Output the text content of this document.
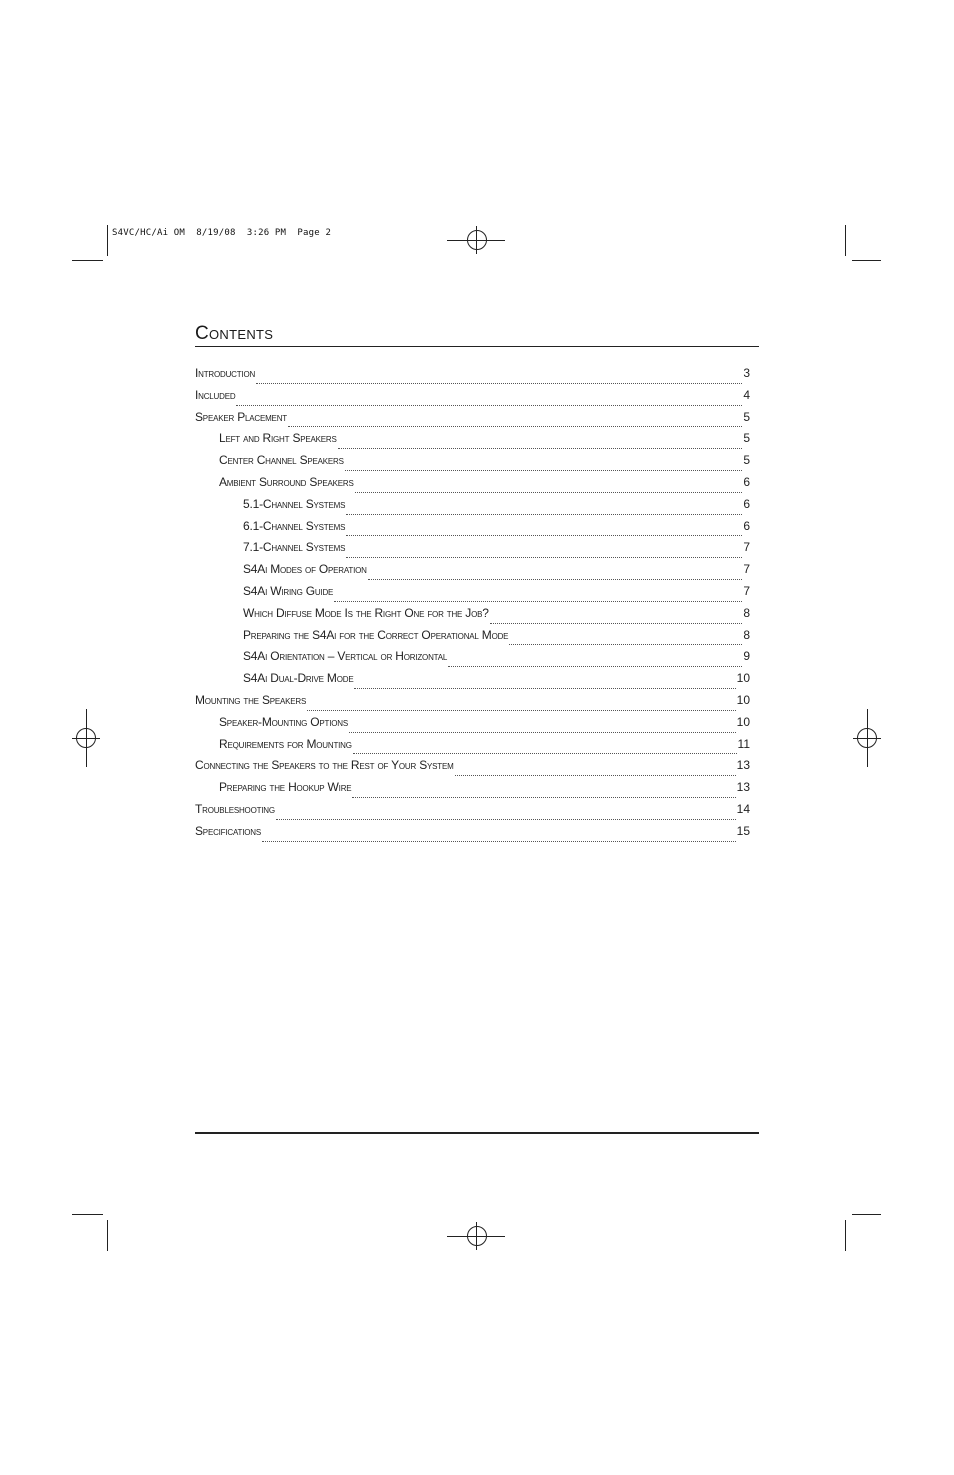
S4VC/HC/Ai OM  8/19/08  3:26 PM  Page 2
Contents
Introduction	3
Included	4
Speaker Placement	5
Left and Right Speakers	5
Center Channel Speakers	5
Ambient Surround Speakers	6
5.1-Channel Systems	6
6.1-Channel Systems	6
7.1-Channel Systems	7
S4Ai Modes of Operation	7
S4Ai Wiring Guide	7
Which Diffuse Mode Is the Right One for the Job?	8
Preparing the S4Ai for the Correct Operational Mode	8
S4Ai Orientation – Vertical or Horizontal	9
S4Ai Dual-Drive Mode	10
Mounting the Speakers	10
Speaker-Mounting Options	10
Requirements for Mounting	11
Connecting the Speakers to the Rest of Your System	13
Preparing the Hookup Wire	13
Troubleshooting	14
Specifications	15
